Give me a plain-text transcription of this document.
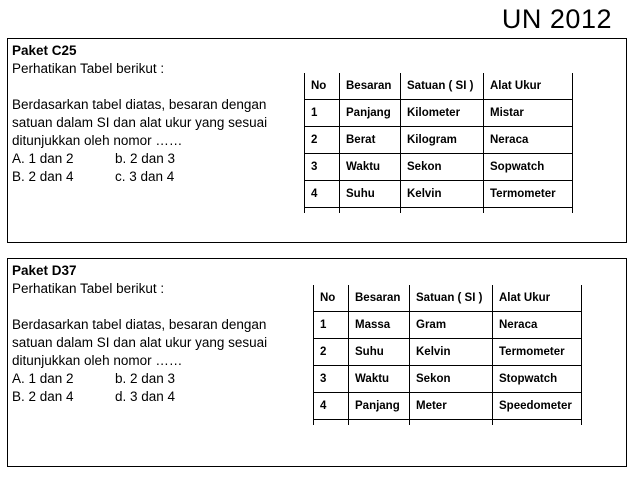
UN 2012
Paket C25
Perhatikan Tabel berikut :
Berdasarkan tabel diatas, besaran dengan
satuan dalam SI dan alat ukur yang sesuai
ditunjukkan oleh nomor ……
A. 1 dan 2	b. 2 dan 3
B. 2 dan 4	c. 3 dan 4
No	Besaran	Satuan ( SI )	Alat Ukur
1	Panjang	Kilometer	Mistar
2	Berat	Kilogram	Neraca
3	Waktu	Sekon	Sopwatch
4	Suhu	Kelvin	Termometer

Paket D37
Perhatikan Tabel berikut :
Berdasarkan tabel diatas, besaran dengan
satuan dalam SI dan alat ukur yang sesuai
ditunjukkan oleh nomor ……
A. 1 dan 2	b. 2 dan 3
B. 2 dan 4	d. 3 dan 4
No	Besaran	Satuan ( SI )	Alat Ukur
1	Massa	Gram	Neraca
2	Suhu	Kelvin	Termometer
3	Waktu	Sekon	Stopwatch
4	Panjang	Meter	Speedometer
